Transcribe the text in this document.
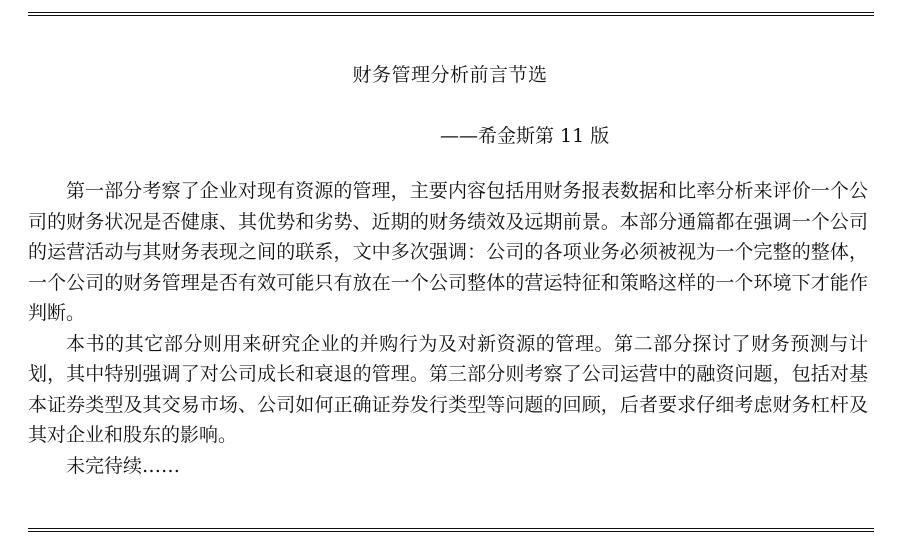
财务管理分析前言节选
——希金斯第 11 版

第一部分考察了企业对现有资源的管理，主要内容包括用财务报表数据和比率分析来评价一个公司的财务状况是否健康、其优势和劣势、近期的财务绩效及远期前景。本部分通篇都在强调一个公司的运营活动与其财务表现之间的联系，文中多次强调：公司的各项业务必须被视为一个完整的整体，一个公司的财务管理是否有效可能只有放在一个公司整体的营运特征和策略这样的一个环境下才能作判断。

本书的其它部分则用来研究企业的并购行为及对新资源的管理。第二部分探讨了财务预测与计划，其中特别强调了对公司成长和衰退的管理。第三部分则考察了公司运营中的融资问题，包括对基本证券类型及其交易市场、公司如何正确证券发行类型等问题的回顾，后者要求仔细考虑财务杠杆及其对企业和股东的影响。

未完待续……
